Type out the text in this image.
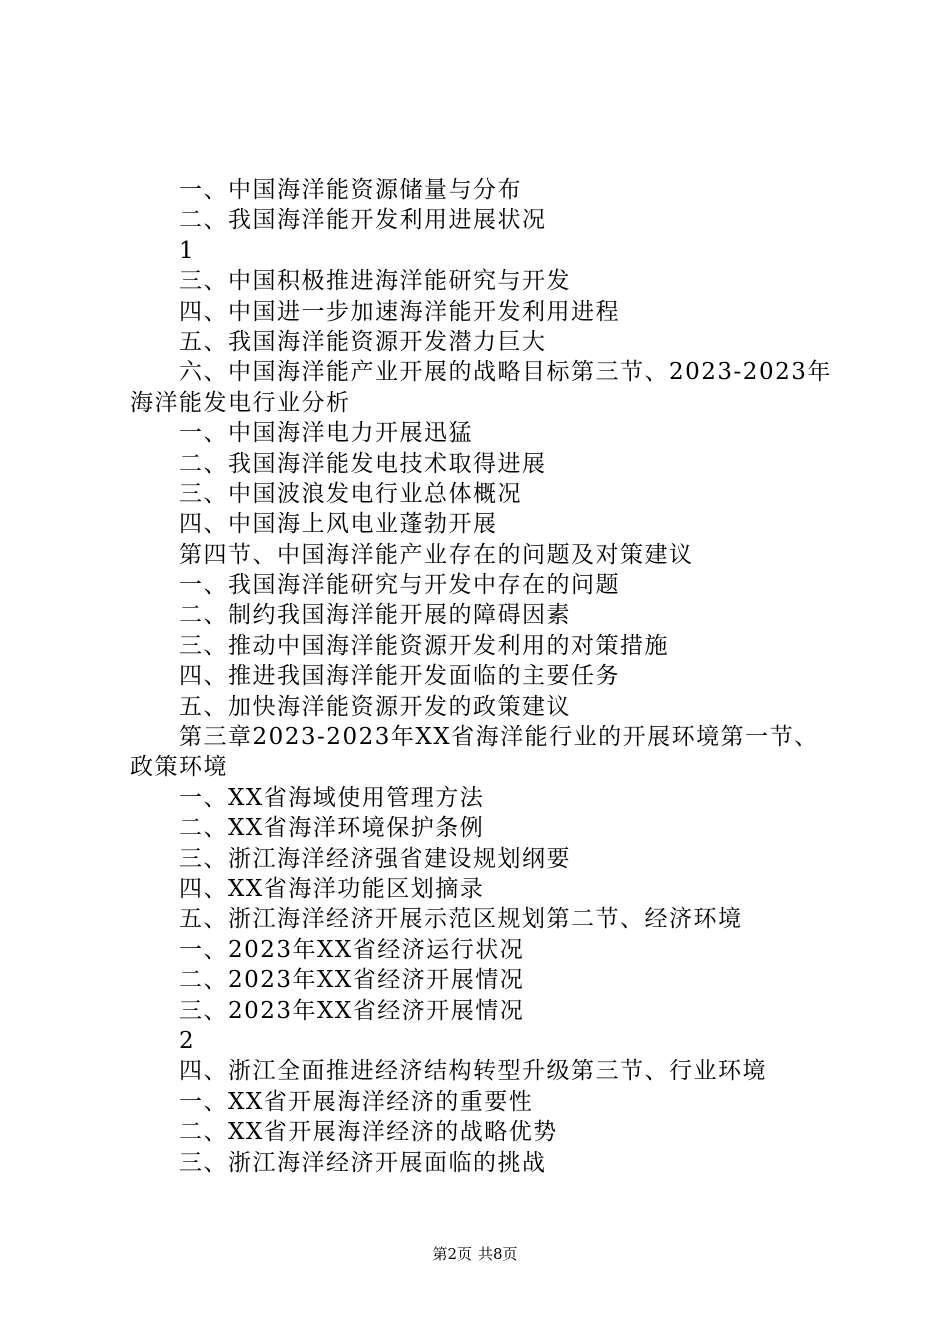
一、中国海洋能资源储量与分布
二、我国海洋能开发利用进展状况
1
三、中国积极推进海洋能研究与开发
四、中国进一步加速海洋能开发利用进程
五、我国海洋能资源开发潜力巨大
六、中国海洋能产业开展的战略目标第三节、2023-2023年
海洋能发电行业分析
一、中国海洋电力开展迅猛
二、我国海洋能发电技术取得进展
三、中国波浪发电行业总体概况
四、中国海上风电业蓬勃开展
第四节、中国海洋能产业存在的问题及对策建议
一、我国海洋能研究与开发中存在的问题
二、制约我国海洋能开展的障碍因素
三、推动中国海洋能资源开发利用的对策措施
四、推进我国海洋能开发面临的主要任务
五、加快海洋能资源开发的政策建议
第三章2023-2023年XX省海洋能行业的开展环境第一节、
政策环境
一、XX省海域使用管理方法
二、XX省海洋环境保护条例
三、浙江海洋经济强省建设规划纲要
四、XX省海洋功能区划摘录
五、浙江海洋经济开展示范区规划第二节、经济环境
一、2023年XX省经济运行状况
二、2023年XX省经济开展情况
三、2023年XX省经济开展情况
2
四、浙江全面推进经济结构转型升级第三节、行业环境
一、XX省开展海洋经济的重要性
二、XX省开展海洋经济的战略优势
三、浙江海洋经济开展面临的挑战
第2页 共8页
